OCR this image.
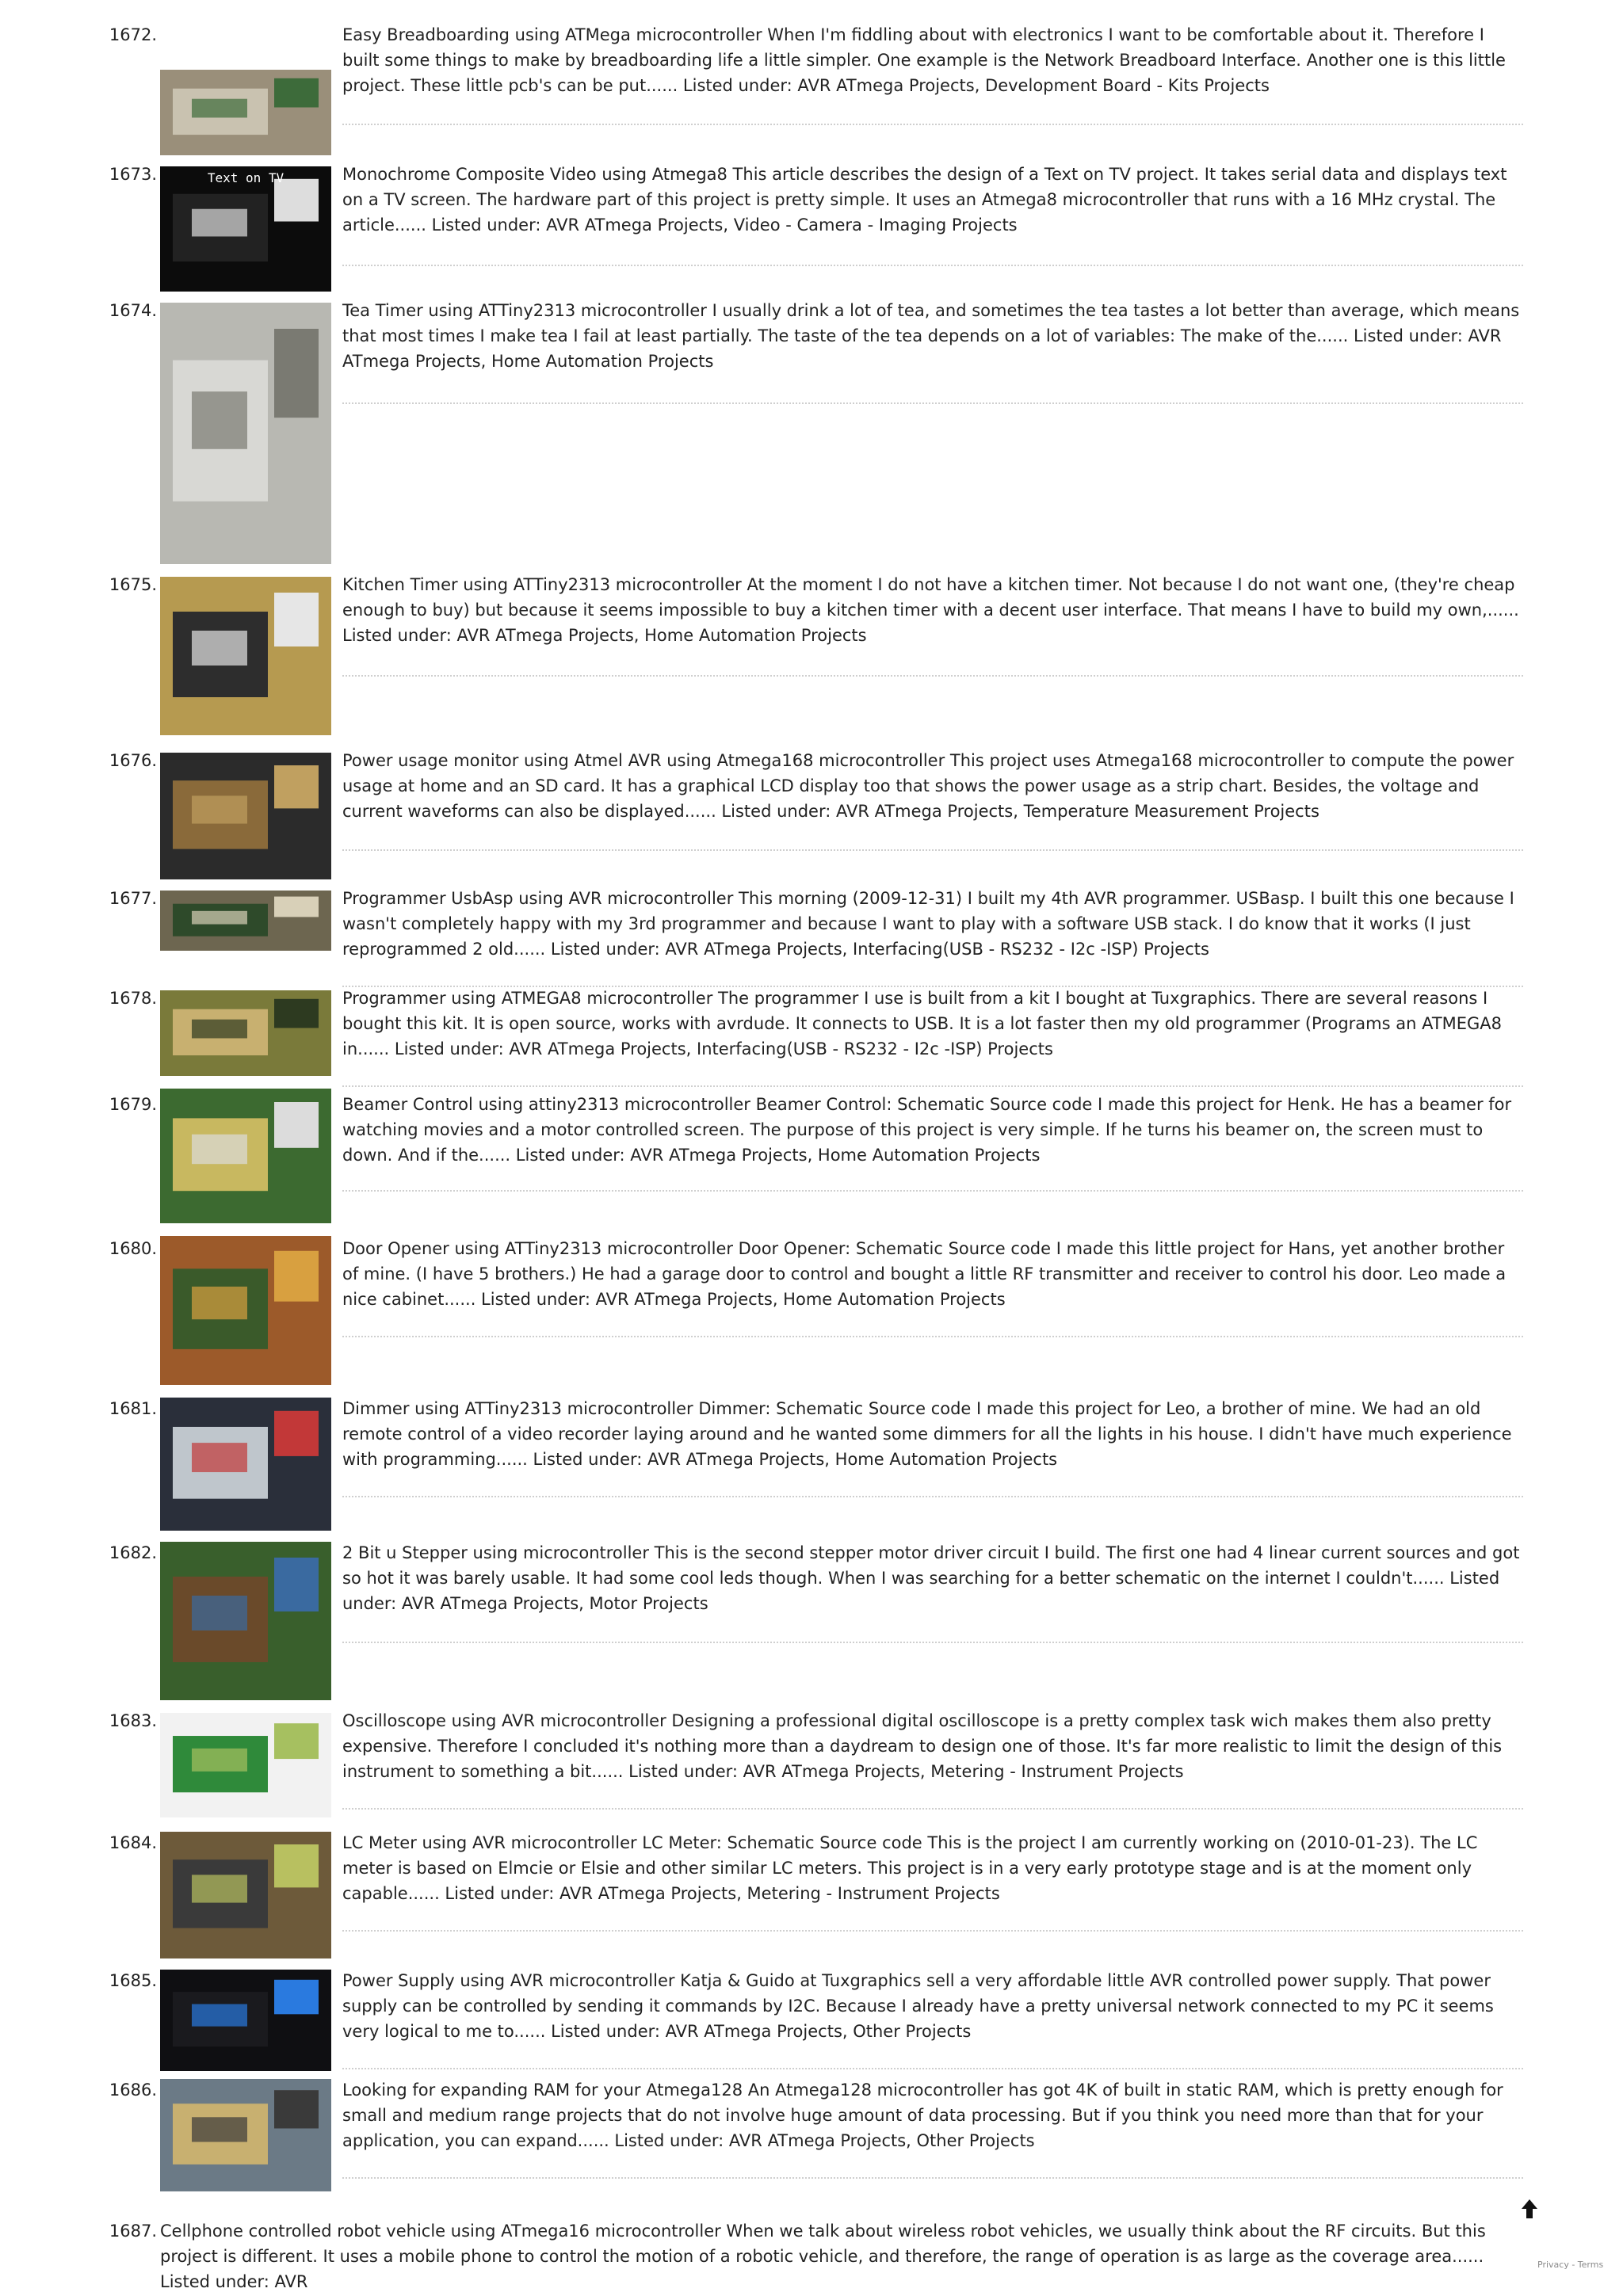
1672.	Easy Breadboarding using ATMega microcontroller When I'm fiddling about with electronics I want to be comfortable about it. Therefore I built some things to make by breadboarding life a little simpler. One example is the Network Breadboard Interface. Another one is this little project. These little pcb's can be put...... Listed under: AVR ATmega Projects, Development Board - Kits Projects
1673.	Text on TV	Monochrome Composite Video using Atmega8 This article describes the design of a Text on TV project. It takes serial data and displays text on a TV screen. The hardware part of this project is pretty simple. It uses an Atmega8 microcontroller that runs with a 16 MHz crystal. The article...... Listed under: AVR ATmega Projects, Video - Camera - Imaging Projects
1674.	Tea Timer using ATTiny2313 microcontroller I usually drink a lot of tea, and sometimes the tea tastes a lot better than average, which means that most times I make tea I fail at least partially. The taste of the tea depends on a lot of variables: The make of the...... Listed under: AVR ATmega Projects, Home Automation Projects
1675.	Kitchen Timer using ATTiny2313 microcontroller At the moment I do not have a kitchen timer. Not because I do not want one, (they're cheap enough to buy) but because it seems impossible to buy a kitchen timer with a decent user interface. That means I have to build my own,...... Listed under: AVR ATmega Projects, Home Automation Projects
1676.	Power usage monitor using Atmel AVR using Atmega168 microcontroller This project uses Atmega168 microcontroller to compute the power usage at home and an SD card. It has a graphical LCD display too that shows the power usage as a strip chart. Besides, the voltage and current waveforms can also be displayed...... Listed under: AVR ATmega Projects, Temperature Measurement Projects
1677.	Programmer UsbAsp using AVR microcontroller This morning (2009-12-31) I built my 4th AVR programmer. USBasp. I built this one because I wasn't completely happy with my 3rd programmer and because I want to play with a software USB stack. I do know that it works (I just reprogrammed 2 old...... Listed under: AVR ATmega Projects, Interfacing(USB - RS232 - I2c -ISP) Projects
1678.	Programmer using ATMEGA8 microcontroller The programmer I use is built from a kit I bought at Tuxgraphics. There are several reasons I bought this kit. It is open source, works with avrdude. It connects to USB. It is a lot faster then my old programmer (Programs an ATMEGA8 in...... Listed under: AVR ATmega Projects, Interfacing(USB - RS232 - I2c -ISP) Projects
1679.	Beamer Control using attiny2313 microcontroller Beamer Control: Schematic Source code I made this project for Henk. He has a beamer for watching movies and a motor controlled screen. The purpose of this project is very simple. If he turns his beamer on, the screen must to down. And if the...... Listed under: AVR ATmega Projects, Home Automation Projects
1680.	Door Opener using ATTiny2313 microcontroller Door Opener: Schematic Source code I made this little project for Hans, yet another brother of mine. (I have 5 brothers.) He had a garage door to control and bought a little RF transmitter and receiver to control his door. Leo made a nice cabinet...... Listed under: AVR ATmega Projects, Home Automation Projects
1681.	Dimmer using ATTiny2313 microcontroller Dimmer: Schematic Source code I made this project for Leo, a brother of mine. We had an old remote control of a video recorder laying around and he wanted some dimmers for all the lights in his house. I didn't have much experience with programming...... Listed under: AVR ATmega Projects, Home Automation Projects
1682.	2 Bit u Stepper using microcontroller This is the second stepper motor driver circuit I build. The first one had 4 linear current sources and got so hot it was barely usable. It had some cool leds though. When I was searching for a better schematic on the internet I couldn't...... Listed under: AVR ATmega Projects, Motor Projects
1683.	Oscilloscope using AVR microcontroller Designing a professional digital oscilloscope is a pretty complex task wich makes them also pretty expensive. Therefore I concluded it's nothing more than a daydream to design one of those. It's far more realistic to limit the design of this instrument to something a bit...... Listed under: AVR ATmega Projects, Metering - Instrument Projects
1684.	LC Meter using AVR microcontroller LC Meter: Schematic Source code This is the project I am currently working on (2010-01-23). The LC meter is based on Elmcie or Elsie and other similar LC meters. This project is in a very early prototype stage and is at the moment only capable...... Listed under: AVR ATmega Projects, Metering - Instrument Projects
1685.	Power Supply using AVR microcontroller Katja & Guido at Tuxgraphics sell a very affordable little AVR controlled power supply. That power supply can be controlled by sending it commands by I2C. Because I already have a pretty universal network connected to my PC it seems very logical to me to...... Listed under: AVR ATmega Projects, Other Projects
1686.	Looking for expanding RAM for your Atmega128 An Atmega128 microcontroller has got 4K of built in static RAM, which is pretty enough for small and medium range projects that do not involve huge amount of data processing. But if you think you need more than that for your application, you can expand...... Listed under: AVR ATmega Projects, Other Projects
1687. Cellphone controlled robot vehicle using ATmega16 microcontroller When we talk about wireless robot vehicles, we usually think about the RF circuits. But this project is different. It uses a mobile phone to control the motion of a robotic vehicle, and therefore, the range of operation is as large as the coverage area...... Listed under: AVR
Privacy - Terms
